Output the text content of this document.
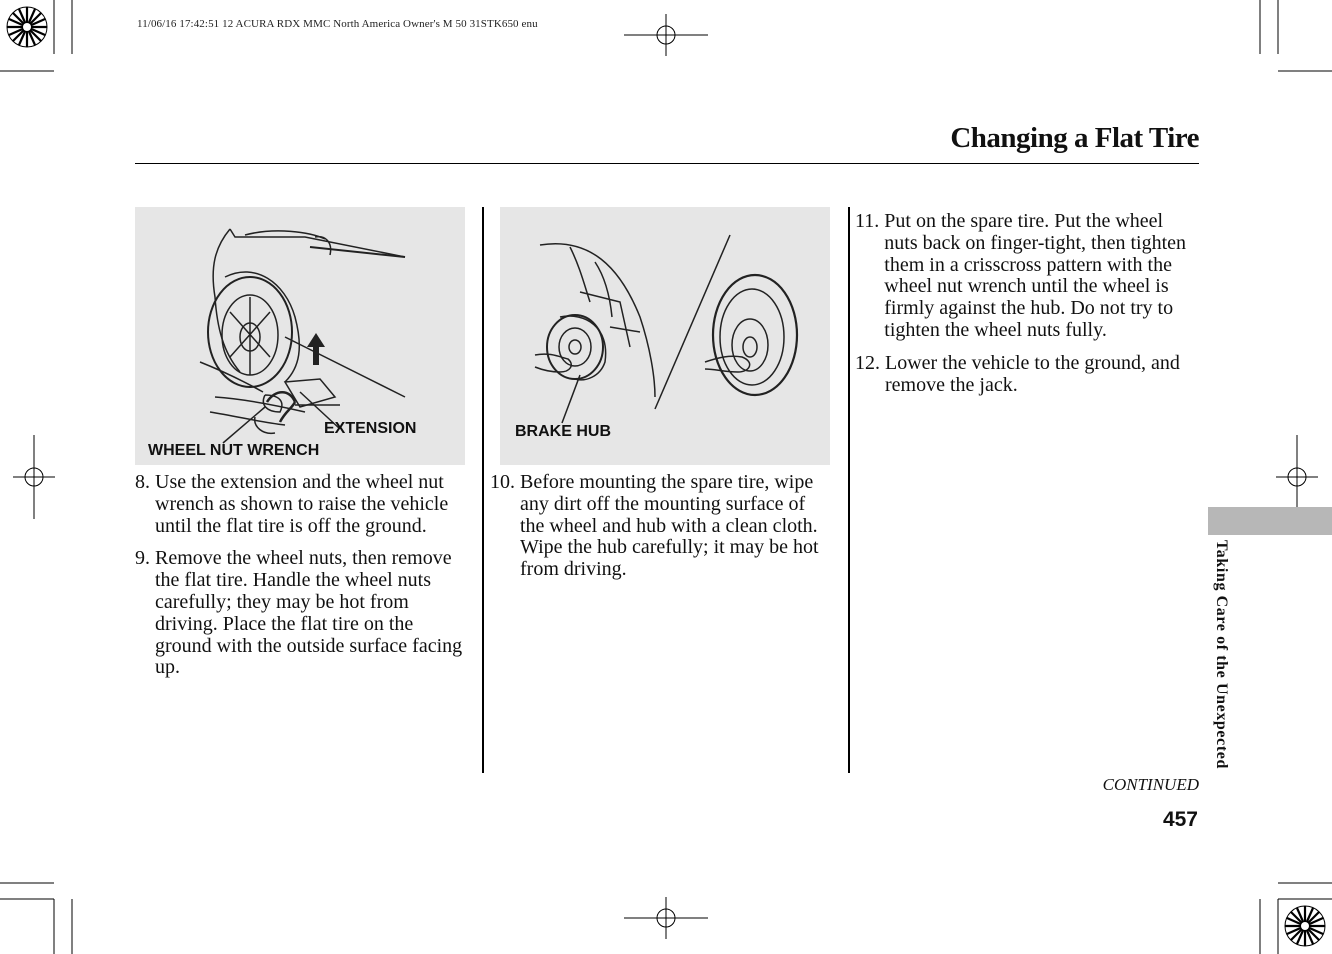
11/06/16 17:42:51 12 ACURA RDX MMC North America Owner's M 50 31STK650 enu
Changing a Flat Tire
EXTENSION
WHEEL NUT WRENCH
BRAKE HUB
8. Use the extension and the wheel nut wrench as shown to raise the vehicle until the flat tire is off the ground.
9. Remove the wheel nuts, then remove the flat tire. Handle the wheel nuts carefully; they may be hot from driving. Place the flat tire on the ground with the outside surface facing up.
10. Before mounting the spare tire, wipe any dirt off the mounting surface of the wheel and hub with a clean cloth. Wipe the hub carefully; it may be hot from driving.
11. Put on the spare tire. Put the wheel nuts back on finger-tight, then tighten them in a crisscross pattern with the wheel nut wrench until the wheel is firmly against the hub. Do not try to tighten the wheel nuts fully.
12. Lower the vehicle to the ground, and remove the jack.
CONTINUED
457
Taking Care of the Unexpected
